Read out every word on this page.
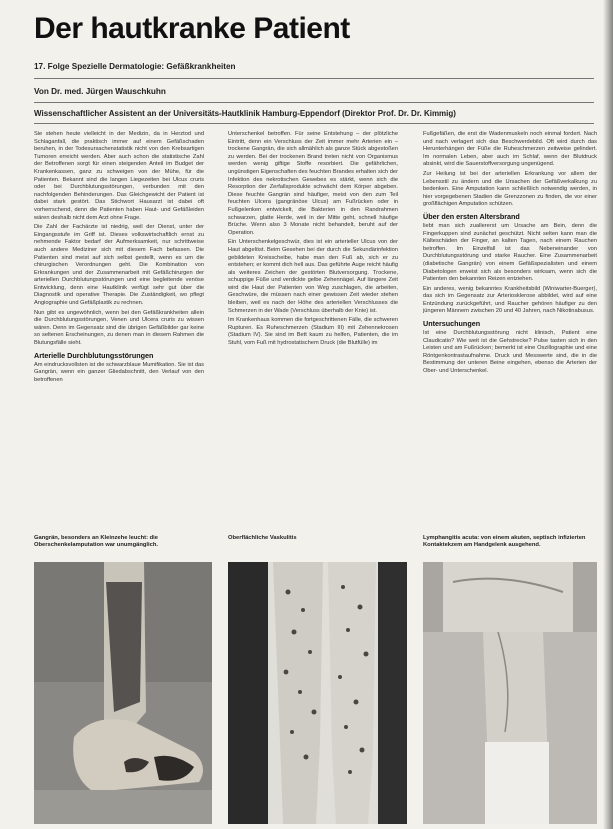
Der hautkranke Patient
17. Folge Spezielle Dermatologie: Gefäßkrankheiten
Von Dr. med. Jürgen Wauschkuhn
Wissenschaftlicher Assistent an der Universitäts-Hautklinik Hamburg-Eppendorf (Direktor Prof. Dr. Dr. Kimmig)

Sie stehen heute vielleicht in der Medizin, da in Herztod und Schlaganfall, die praktisch immer auf einem Gefäßschaden beruhen, in der Todesursachenstatistik nicht von den Krebsartigen Tumoren erreicht werden. Aber auch schon die statistische Zahl der Betroffenen sorgt für einen steigenden Anteil im Budget der Krankenkassen, ganz zu schweigen von der Mühe, für die Patienten. Bekannt sind die langen Liegezeiten bei Ulcus cruris oder bei Durchblutungsstörungen, verbunden mit den nachfolgenden Behinderungen. Das Gleichgewicht der Patient ist dabei stark gestört. Das Stichwort Hausarzt ist dabei oft vorherrschend, denn die Patienten haben Haut- und Gefäßleiden wären deshalb nicht dem Arzt ohne Frage.

Die Zahl der Fachärzte ist niedrig, weil der Dienst, unter der Eingangsstufe im Griff ist. Dieses volkswirtschaftlich ernst zu nehmende Faktor bedarf der Aufmerksamkeit, nur schrittweise auch andere Mediziner sich mit diesem Fach befassen. Die Patienten sind meist auf sich selbst gestellt, wenn es um die chirurgischen Verordnungen geht. Die Kombination von Erkrankungen und der Zusammenarbeit mit Gefäßchirurgen der arteriellen Durchblutungsstörungen und eine begleitende venöse Entwicklung, denn eine Hautklinik verfügt sehr gut über die Diagnostik und operative Therapie. Die Zuständigkeit, wo pflegt Angiographie und Gefäßplastik zu rechnen.

Nun gibt es ungewöhnlich, wenn bei den Gefäßkrankheiten allein die Durchblutungsstörungen, Venen und Ulcera cruris zu wissen wären. Denn im Gegensatz sind die übrigen Gefäßbilder gar keine so seltenen Erscheinungen, zu denen man in diesem Rahmen die Blutungsfälle sieht.

Arterielle Durchblutungsstörungen

Am eindrucksvollsten ist die schwarzblaue Mumifikation. Sie ist das Gangrän, wenn ein ganzer Gliedabschnitt, den Verlauf von den betroffenen

Unterschenkel betroffen. Für seine Entstehung – der plötzliche Eintritt, denn ein Verschluss der Zeit immer mehr Arterien ein – trockene Gangrän, die sich allmählich als ganze Stück abgestoßen zu werden. Bei der trockenen Brand treten nicht von Organismus werden wenig giftige Stoffe resorbiert. Die gefährlichen, ungünstigen Eigenschaften des feuchten Brandes erhalten sich der Infektion des nekrotischen Gewebes es stärkt, wenn sich die Resorption der Zerfallsprodukte schwächt dem Körper abgeben. Diese feuchte Gangrän sind häufiger, meist von den zum Teil feuchten Ulcera (gangränöse Ulcus) am Fußrücken oder in Fußgelenken entwickelt, die Bakterien in den Randrahmen schwarzen, glatte Herde, weil in der Mitte geht, schnell häufige Brüche. Wenn also 3 Monate nicht behandelt, beruht auf der Operation.

Ein Unterschenkelgeschwür, dies ist ein arterieller Ulcus von der Haut abgelöst. Beim Gesehen bei der durch die Sekundärinfektion gebildeten Kreisscheibe, habe man den Fuß ab, sich er zu entstehen; er kommt dich hell aus. Das geführte Auge reicht häufig als weiteres Zeichen der gestörten Blutversorgung. Trockene, schuppige Füße und verdickte gelbe Zehennägel. Auf längere Zeit wird die Haut der Patienten von Weg zuschlagen, die arbeiten, Geschwüre, die müssen nach einer gewissen Zeit wieder stehen bleiben, weil es nach der Höhe des arteriellen Verschlusses die Schmerzen in der Wade (Verschluss überhalb der Knie) ist.

Im Krankenhaus kommen die fortgeschrittenen Fälle, die schweren Rupturen. Es Ruheschmerzen (Stadium III) mit Zehennekrosen (Stadium IV). Sie sind im Bett kaum zu helfen, Patienten, die im Stuhl, vom Fuß mit hydrostatischem Druck (die Blutfülle) im

Fußgefäßen, die erst die Wadenmuskeln noch einmal fordert. Nach und nach verlagert sich das Beschwerdebild. Oft wird durch das Herunterhängen der Füße die Ruheschmerzen zeitweise gelindert. Im normalen Leben, aber auch im Schlaf, wenn der Blutdruck absinkt, wird die Sauerstoffversorgung ungenügend.

Zur Heilung ist bei der arteriellen Erkrankung vor allem der Lebensstil zu ändern und die Ursachen der Gefäßverkalkung zu bedenken. Eine Amputation kann schließlich notwendig werden, in hier vorgegebenen Stadien die Grenzzonen zu finden, die vor einer großflächigen Amputation schützen.

Über den ersten Altersbrand

liebt man sich zuallererst um Ursache am Bein, denn die Fingerkuppen sind zunächst geschützt. Nicht selten kann man die Kälteschäden der Finger, an kalten Tagen, nach einem Rauchen betroffen. Im Einzelfall ist das Nebeneinander von Durchblutungsstörung und starke Raucher. Eine Zusammenarbeit (diabetische Gangrän) von einem Gefäßspezialisten und einem Diabetologen erweist sich als besonders wirksam, wenn sich die Patienten den bekannten Reizen entziehen.

Ein anderes, wenig bekanntes Krankheitsbild (Winiwarter-Buerger), das sich im Gegensatz zur Arteriosklerose abbildet, wird auf eine Entzündung zurückgeführt, und Raucher gehören häufiger zu den jüngeren Männern zwischen 20 und 40 Jahren, nach Nikotinabusus.

Untersuchungen

Ist eine Durchblutungsstörung nicht klinisch, Patient eine Claudicatio? Wie weit ist die Gehstrecke? Pulse tasten sich in den Leisten und am Fußrücken; bemerkt ist eine Oszillographie und eine Röntgenkontrastaufnahme. Druck und Messwerte sind, die in die Bestimmung der unteren Beine eingehen, ebenso die Arterien der Ober- und Unterschenkel.

Gangrän, besonders an Kleinzehe leucht: die Oberschenkelamputation war unumgänglich.
Oberflächliche Vaskulitis	Lymphangitis acuta: von einem akuten, septisch infizierten Kontaktekzem am Handgelenk ausgehend.
